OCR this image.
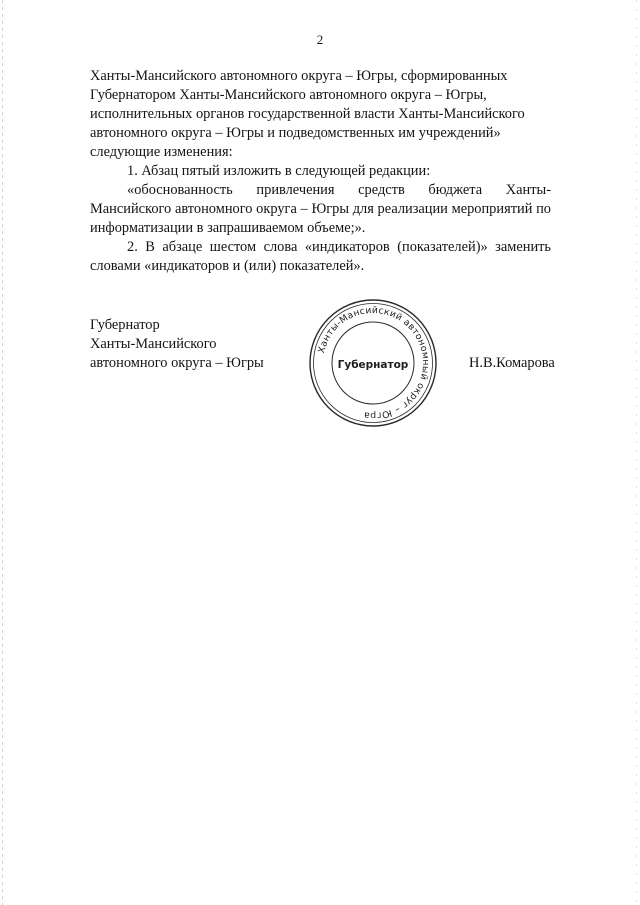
2

Ханты-Мансийского автономного округа – Югры, сформированных

Губернатором Ханты-Мансийского автономного округа – Югры,

исполнительных органов государственной власти Ханты-Мансийского

автономного округа – Югры и подведомственных им учреждений»

следующие изменения:

1. Абзац пятый изложить в следующей редакции:

«обоснованность привлечения средств бюджета Ханты-Мансийского автономного округа – Югры для реализации мероприятий по информатизации в запрашиваемом объеме;».

2. В абзаце шестом слова «индикаторов (показателей)» заменить словами «индикаторов и (или) показателей».

Губернатор
Ханты-Мансийского
автономного округа – Югры
Ханты-Мансийский автономный округ – Югра
Губернатор	Н.В.Комарова
